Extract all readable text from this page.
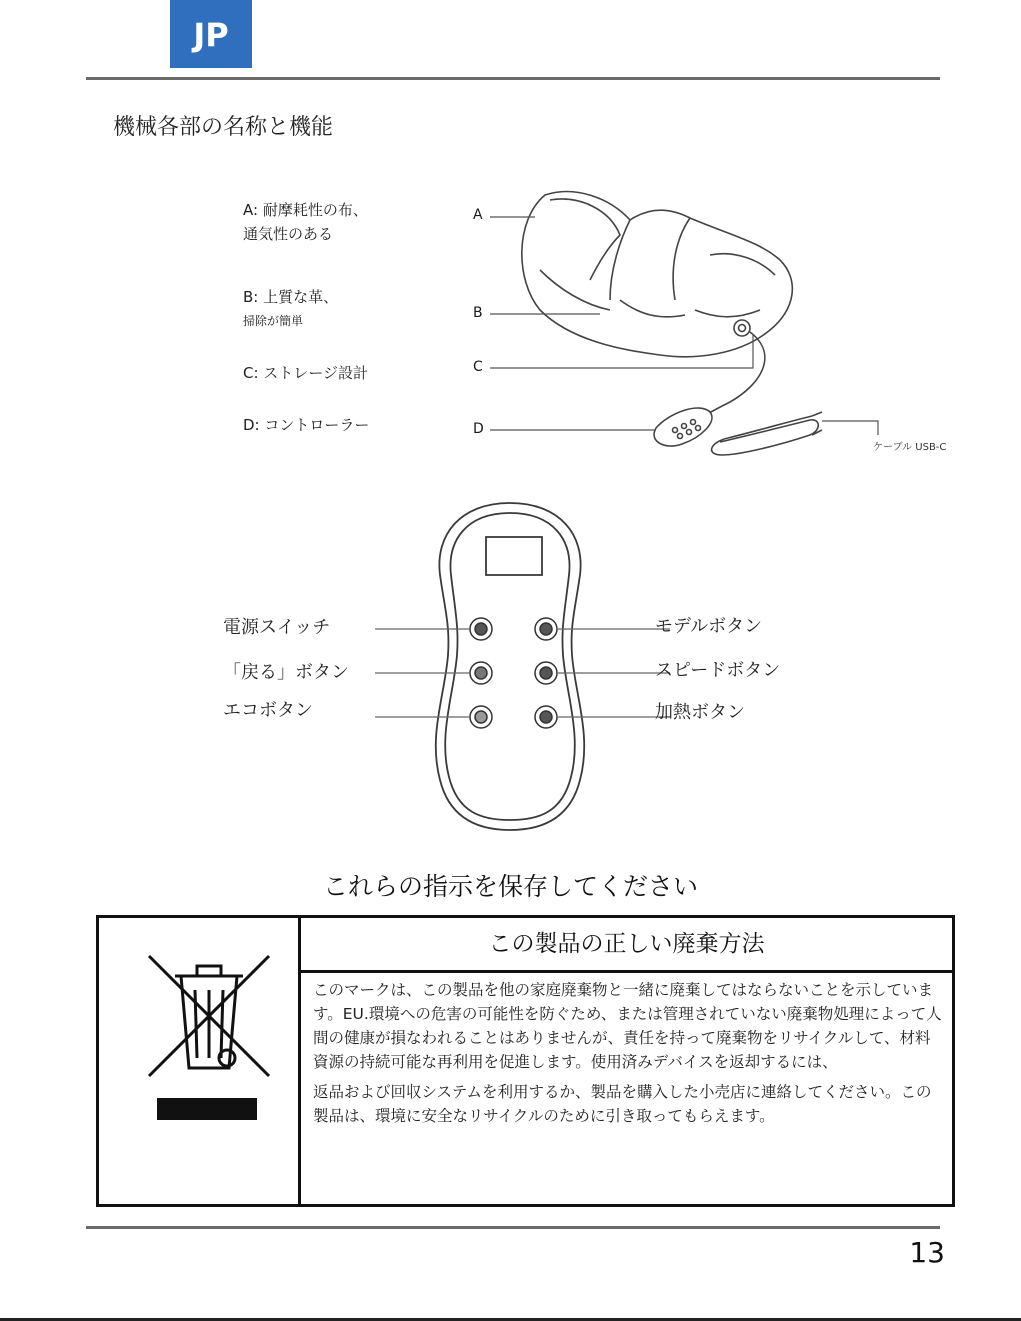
JP
機械各部の名称と機能
A: 耐摩耗性の布、
通気性のある
B: 上質な革、
掃除が簡単
C: ストレージ設計
D: コントローラー
A
B
C
D
ケーブル USB-C
電源スイッチ
「戻る」ボタン
エコボタン
モデルボタン
スピードボタン
加熱ボタン
これらの指示を保存してください
この製品の正しい廃棄方法

このマークは、この製品を他の家庭廃棄物と一緒に廃棄してはならないことを示しています。EU.環境への危害の可能性を防ぐため、または管理されていない廃棄物処理によって人間の健康が損なわれることはありませんが、責任を持って廃棄物をリサイクルして、材料資源の持続可能な再利用を促進します。使用済みデバイスを返却するには、

返品および回収システムを利用するか、製品を購入した小売店に連絡してください。この製品は、環境に安全なリサイクルのために引き取ってもらえます。

13
